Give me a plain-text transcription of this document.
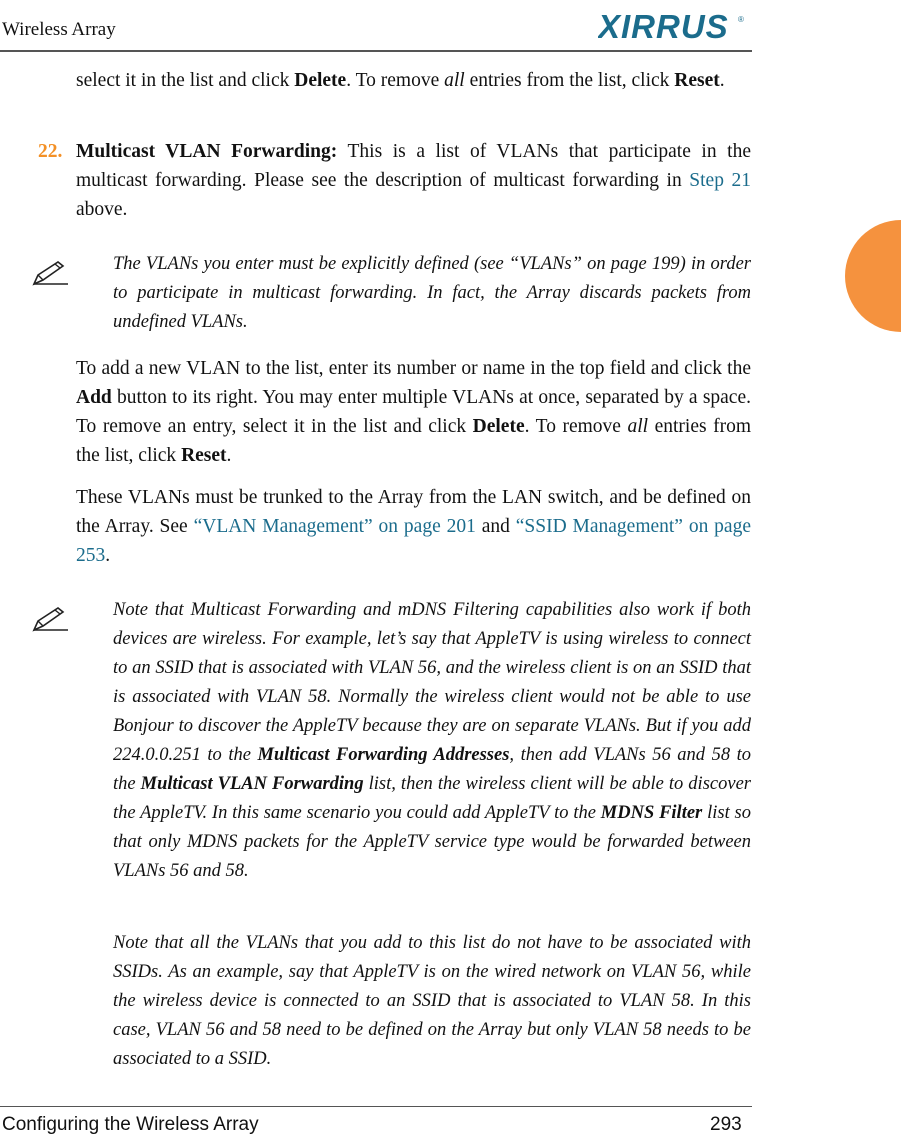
Wireless Array	XIRRUS ®

select it in the list and click Delete. To remove all entries from the list, click Reset.

22. Multicast VLAN Forwarding: This is a list of VLANs that participate in the multicast forwarding. Please see the description of multicast forwarding in Step 21 above.

The VLANs you enter must be explicitly defined (see “VLANs” on page 199) in order to participate in multicast forwarding. In fact, the Array discards packets from undefined VLANs.

To add a new VLAN to the list, enter its number or name in the top field and click the Add button to its right. You may enter multiple VLANs at once, separated by a space. To remove an entry, select it in the list and click Delete. To remove all entries from the list, click Reset.

These VLANs must be trunked to the Array from the LAN switch, and be defined on the Array. See “VLAN Management” on page 201 and “SSID Management” on page 253.

Note that Multicast Forwarding and mDNS Filtering capabilities also work if both devices are wireless. For example, let’s say that AppleTV is using wireless to connect to an SSID that is associated with VLAN 56, and the wireless client is on an SSID that is associated with VLAN 58. Normally the wireless client would not be able to use Bonjour to discover the AppleTV because they are on separate VLANs. But if you add 224.0.0.251 to the Multicast Forwarding Addresses, then add VLANs 56 and 58 to the Multicast VLAN Forwarding list, then the wireless client will be able to discover the AppleTV. In this same scenario you could add AppleTV to the MDNS Filter list so that only MDNS packets for the AppleTV service type would be forwarded between VLANs 56 and 58.

Note that all the VLANs that you add to this list do not have to be associated with SSIDs. As an example, say that AppleTV is on the wired network on VLAN 56, while the wireless device is connected to an SSID that is associated to VLAN 58. In this case, VLAN 56 and 58 need to be defined on the Array but only VLAN 58 needs to be associated to a SSID.

Configuring the Wireless Array	293
